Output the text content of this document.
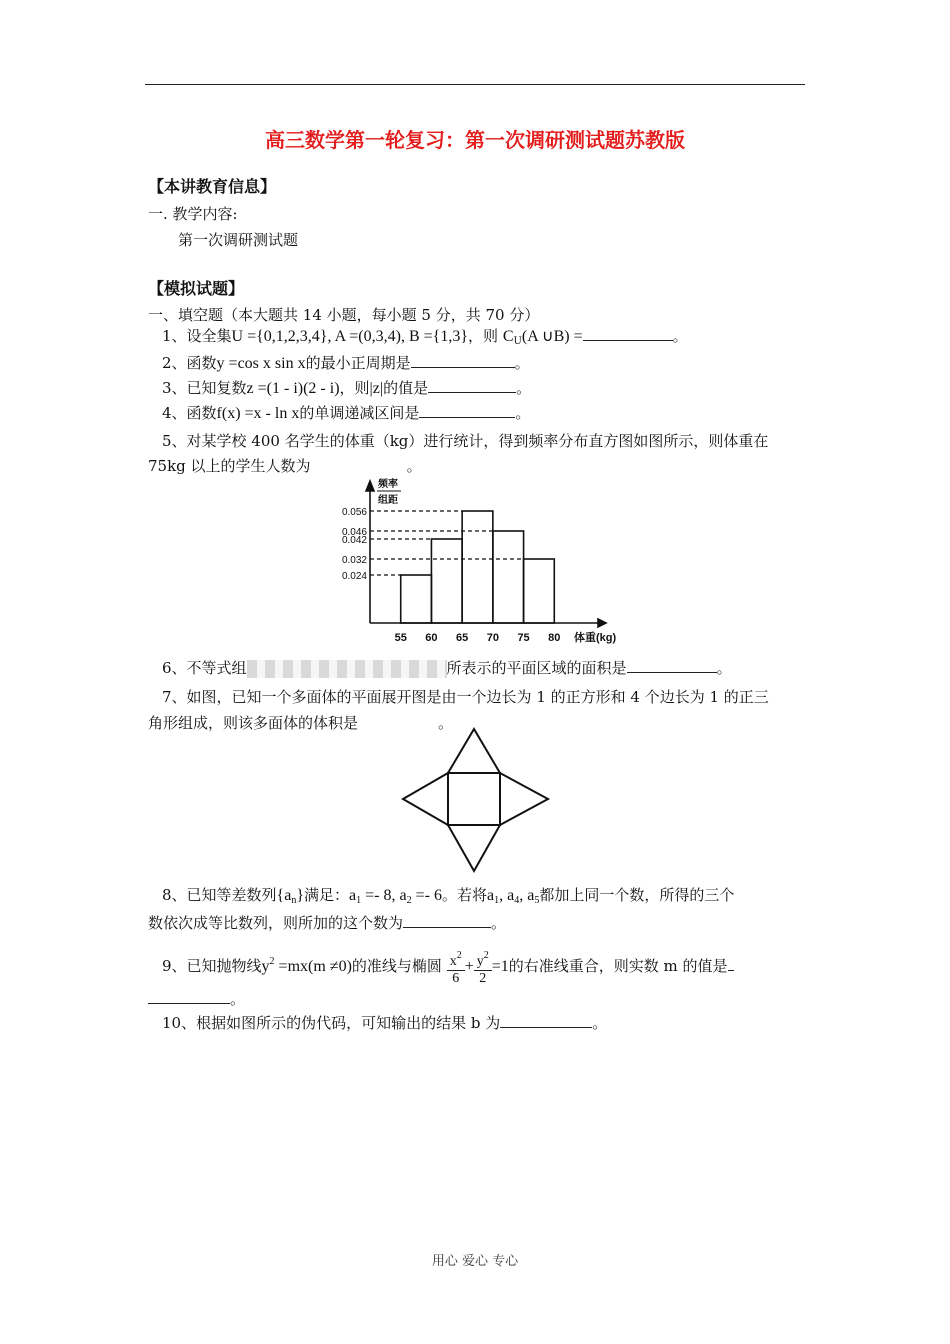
高三数学第一轮复习：第一次调研测试题苏教版
【本讲教育信息】
一. 教学内容:
第一次调研测试题
【模拟试题】
一、填空题（本大题共 14 小题，每小题 5 分，共 70 分）
1、设全集U ={0,1,2,3,4}, A =(0,3,4), B ={1,3}，则 $C_U(A$ ∪B) =	。
2、函数y =cos x sin x的最小正周期是	。
3、已知复数z =(1 - i)(2 - i)，则|z|的值是	。
4、函数f(x) =x - ln x的单调递减区间是	。
5、对某学校 400 名学生的体重（kg）进行统计，得到频率分布直方图如图所示，则体重在
75kg 以上的学生人数为	。
0.056
0.046
0.042
0.032
0.024
55 60 65 70 75 80
频率
组距
体重(kg)
6、不等式组	所表示的平面区域的面积是	。
7、如图，已知一个多面体的平面展开图是由一个边长为 1 的正方形和 4 个边长为 1 的正三
角形组成，则该多面体的体积是	。
8、已知等差数列$\{a_n\}$满足：$a_1 =- 8$, $a_2 =- 6$。若将$a_1$, $a_4$, $a_5$都加上同一个数，所得的三个
数依次成等比数列，则所加的这个数为	。
9、已知抛物线$y^2 =mx(m \ne 0)$的准线与椭圆 $\frac{x^2}{6} + \frac{y^2}{2} =1$的右准线重合，则实数 m 的值是
。
10、根据如图所示的伪代码，可知输出的结果 b 为	。
用心 爱心 专心
